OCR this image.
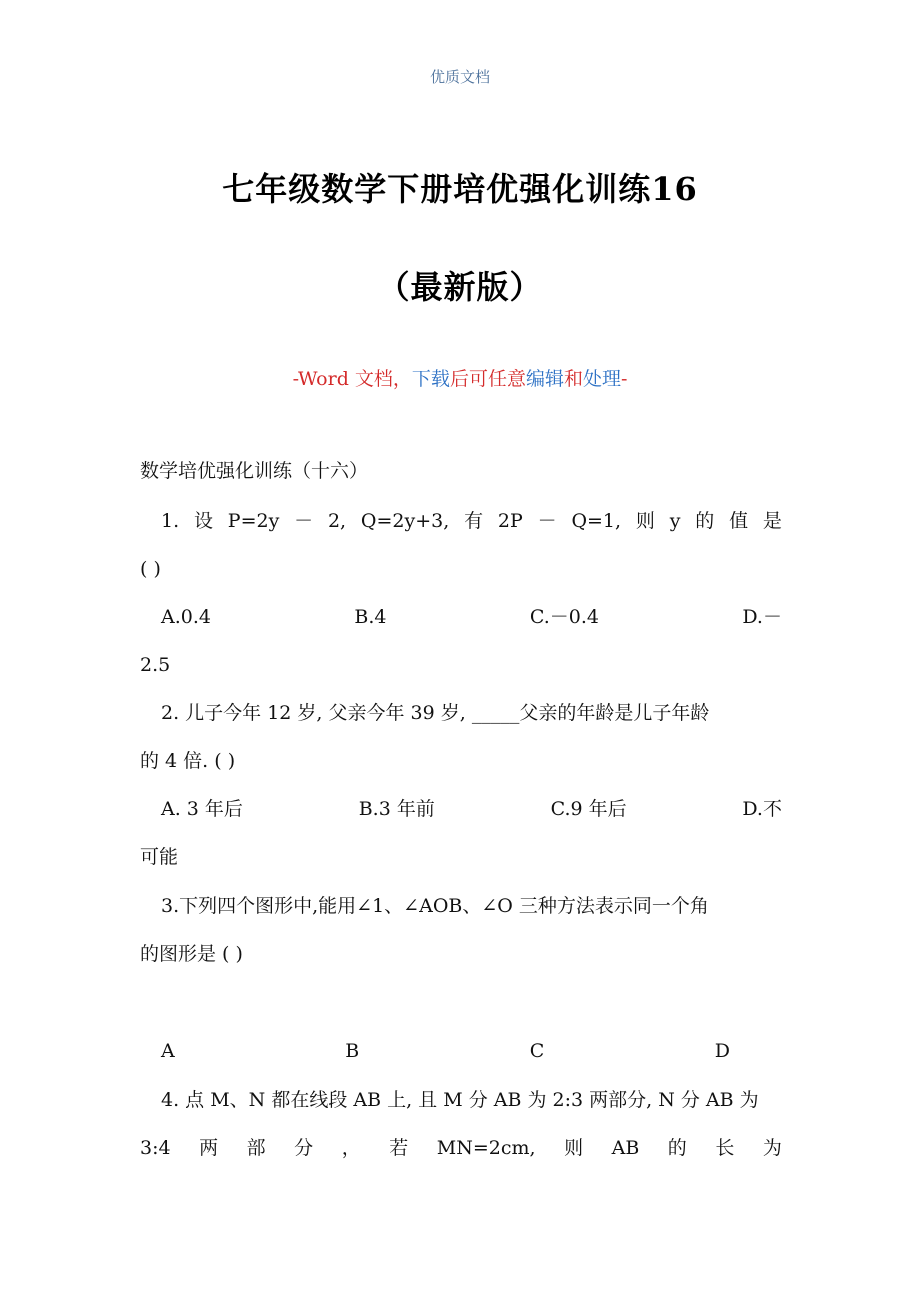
优质文档
七年级数学下册培优强化训练16
（最新版）
-Word 文档，下载后可任意编辑和处理-
数学培优强化训练（十六）
1. 设 P=2y － 2, Q=2y+3, 有 2P － Q=1, 则 y 的 值 是
( )
A.0.4	B.4	C.－0.4	D.－
2.5
2. 儿子今年 12 岁, 父亲今年 39 岁, _____父亲的年龄是儿子年龄
的 4 倍. ( )
A. 3 年后	B.3 年前	C.9 年后	D.不
可能
3.下列四个图形中,能用∠1、∠AOB、∠O 三种方法表示同一个角
的图形是 ( )
A	B	C	D
4. 点 M、N 都在线段 AB 上, 且 M 分 AB 为 2:3 两部分, N 分 AB 为
3:4 两 部 分 ， 若 MN=2cm, 则 AB 的 长 为
